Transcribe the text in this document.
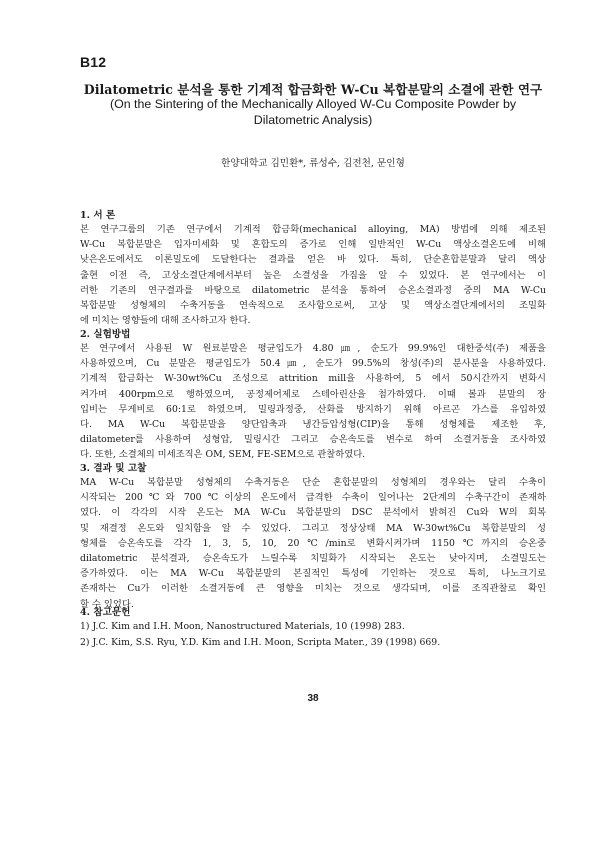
B12
Dilatometric 분석을 통한 기계적 합금화한 W-Cu 복합분말의 소결에 관한 연구
(On the Sintering of the Mechanically Alloyed W-Cu Composite Powder by Dilatometric Analysis)
한양대학교 김민환*, 류성수, 김전천, 문인형
1. 서 론
본 연구그룹의 기존 연구에서 기계적 합금화(mechanical alloying, MA) 방법에 의해 제조된
W-Cu 복합분말은 입자미세화 및 혼합도의 증가로 인해 일반적인 W-Cu 액상소결온도에 비해
낮은온도에서도 이론밀도에 도달한다는 결과를 얻은 바 있다. 특히, 단순혼합분말과 달리 액상
출현 이전 즉, 고상소결단계에서부터 높은 소결성을 가짐을 알 수 있었다. 본 연구에서는 이
러한 기존의 연구결과를 바탕으로 dilatometric 분석을 통하여 승온소결과정 중의 MA W-Cu
복합분말 성형체의 수축거동을 연속적으로 조사함으로써, 고상 및 액상소결단계에서의 조밀화
에 미치는 영향들에 대해 조사하고자 한다.
2. 실험방법
본 연구에서 사용된 W 원료분말은 평균입도가 4.80㎛, 순도가 99.9%인 대한중석(주) 제품을
사용하였으며, Cu 분말은 평균입도가 50.4㎛, 순도가 99.5%의 창성(주)의 분사분을 사용하였다.
기계적 합금화는 W-30wt%Cu 조성으로 attrition mill을 사용하여, 5 에서 50시간까지 변화시
켜가며 400rpm으로 행하였으며, 공정제어제로 스테아린산을 첨가하였다. 이때 볼과 분말의 장
입비는 무게비로 60:1로 하였으며, 밀링과정중, 산화를 방지하기 위해 아르곤 가스를 유입하였
다. MA W-Cu 복합분말을 양단압축과 냉간등압성형(CIP)을 통해 성형체를 제조한 후,
dilatometer를 사용하여 성형압, 밀링시간 그리고 승온속도를 변수로 하여 소결거동을 조사하였
다. 또한, 소결체의 미세조직은 OM, SEM, FE-SEM으로 관찰하였다.
3. 결과 및 고찰
MA W-Cu 복합분말 성형체의 수축거동은 단순 혼합분말의 성형체의 경우와는 달리 수축이
시작되는 200℃와 700℃이상의 온도에서 급격한 수축이 일어나는 2단계의 수축구간이 존재하
였다. 이 각각의 시작 온도는 MA W-Cu 복합분말의 DSC 분석에서 밝혀진 Cu와 W의 회복
및 재결정 온도와 일치함을 알 수 있었다. 그리고 정상상태 MA W-30wt%Cu 복합분말의 성
형체를 승온속도를 각각 1, 3, 5, 10, 20℃/min로 변화시켜가며 1150℃까지의 승온중
dilatometric 분석결과, 승온속도가 느릴수록 치밀화가 시작되는 온도는 낮아지며, 소결밀도는
증가하였다. 이는 MA W-Cu 복합분말의 본질적인 특성에 기인하는 것으로 특히, 나노크기로
존재하는 Cu가 이러한 소결거동에 큰 영향을 미치는 것으로 생각되며, 이를 조직관찰로 확인
할 수 있었다.
4. 참고문헌
1) J.C. Kim and I.H. Moon, Nanostructured Materials, 10 (1998) 283.
2) J.C. Kim, S.S. Ryu, Y.D. Kim and I.H. Moon, Scripta Mater., 39 (1998) 669.
38
